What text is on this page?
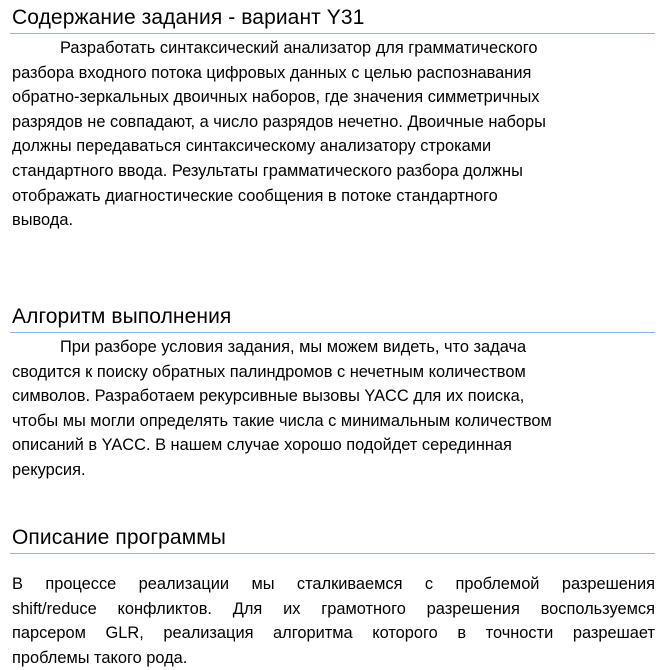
Содержание задания - вариант Y31
Разработать синтаксический анализатор для грамматического
разбора входного потока цифровых данных с целью распознавания
обратно-зеркальных двоичных наборов, где значения симметричных
разрядов не совпадают, а число разрядов нечетно. Двоичные наборы
должны передаваться синтаксическому анализатору строками
стандартного ввода. Результаты грамматического разбора должны
отображать диагностические сообщения в потоке стандартного
вывода.
Алгоритм выполнения
При разборе условия задания, мы можем видеть, что задача
сводится к поиску обратных палиндромов с нечетным количеством
символов. Разработаем рекурсивные вызовы YACC для их поиска,
чтобы мы могли определять такие числа с минимальным количеством
описаний в YACC. В нашем случае хорошо подойдет серединная
рекурсия.
Описание программы
В процессе реализации мы сталкиваемся с проблемой разрешения
shift/reduce конфликтов. Для их грамотного разрешения воспользуемся
парсером GLR, реализация алгоритма которого в точности разрешает
проблемы такого рода.
